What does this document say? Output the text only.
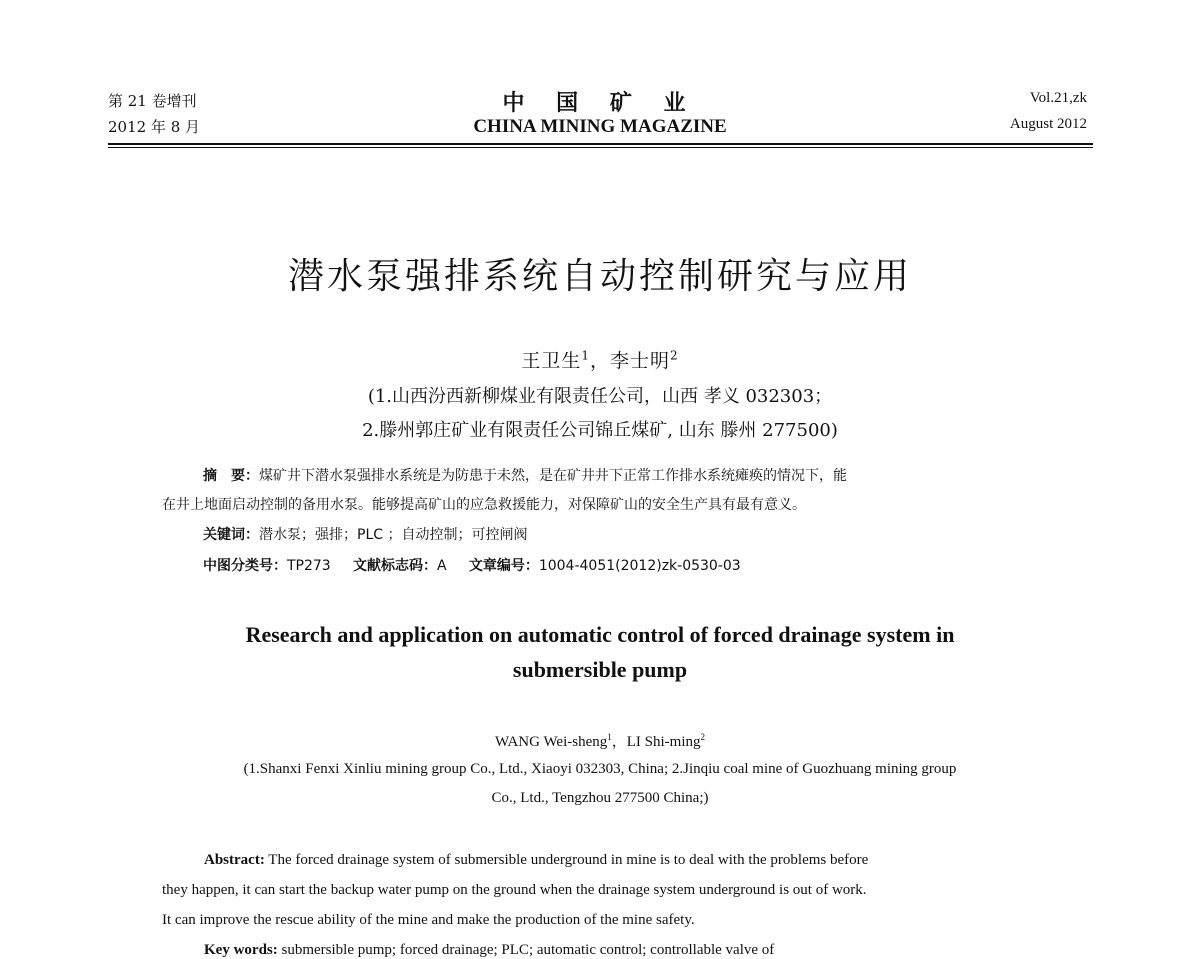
第 21 卷增刊
2012 年 8 月
中 国 矿 业
CHINA MINING MAGAZINE
Vol.21,zk
August 2012
潜水泵强排系统自动控制研究与应用
王卫生$^1$，李士明$^2$
(1.山西汾西新柳煤业有限责任公司，山西 孝义 032303；
2.滕州郭庄矿业有限责任公司锦丘煤矿, 山东 滕州 277500)
摘　要：煤矿井下潜水泵强排水系统是为防患于未然，是在矿井井下正常工作排水系统瘫痪的情况下，能
在井上地面启动控制的备用水泵。能够提高矿山的应急救援能力，对保障矿山的安全生产具有最有意义。
关键词：潜水泵；强排；PLC ；自动控制；可控闸阀
中图分类号：TP273 文献标志码：A 文章编号：1004-4051(2012)zk-0530-03
Research and application on automatic control of forced drainage system in
submersible pump
WANG Wei-sheng$^1$，LI Shi-ming$^2$
(1.Shanxi Fenxi Xinliu mining group Co., Ltd., Xiaoyi 032303, China; 2.Jinqiu coal mine of Guozhuang mining group
Co., Ltd., Tengzhou 277500 China;)
Abstract: The forced drainage system of submersible underground in mine is to deal with the problems before
they happen, it can start the backup water pump on the ground when the drainage system underground is out of work.
It can improve the rescue ability of the mine and make the production of the mine safety.
Key words: submersible pump; forced drainage; PLC; automatic control; controllable valve of
